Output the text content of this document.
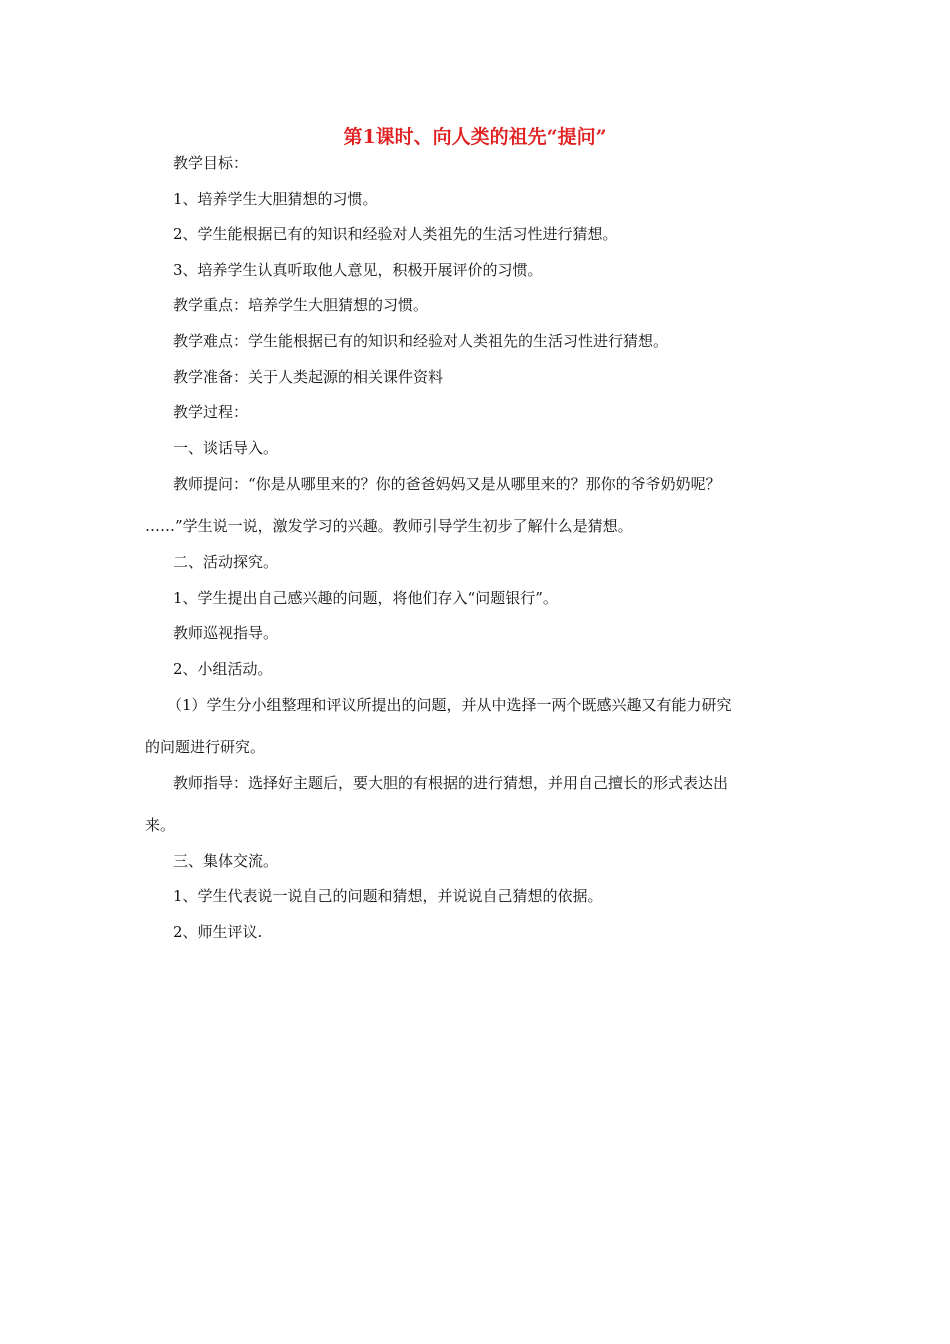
第1课时、向人类的祖先“提问”
教学目标：
1、培养学生大胆猜想的习惯。
2、学生能根据已有的知识和经验对人类祖先的生活习性进行猜想。
3、培养学生认真听取他人意见，积极开展评价的习惯。
教学重点：培养学生大胆猜想的习惯。
教学难点：学生能根据已有的知识和经验对人类祖先的生活习性进行猜想。
教学准备：关于人类起源的相关课件资料
教学过程：
一、谈话导入。
教师提问：“你是从哪里来的？你的爸爸妈妈又是从哪里来的？那你的爷爷奶奶呢？
……”学生说一说，激发学习的兴趣。教师引导学生初步了解什么是猜想。
二、活动探究。
1、学生提出自己感兴趣的问题，将他们存入“问题银行”。
教师巡视指导。
2、小组活动。
（1）学生分小组整理和评议所提出的问题，并从中选择一两个既感兴趣又有能力研究
的问题进行研究。
教师指导：选择好主题后，要大胆的有根据的进行猜想，并用自己擅长的形式表达出
来。
三、集体交流。
1、学生代表说一说自己的问题和猜想，并说说自己猜想的依据。
2、师生评议.
